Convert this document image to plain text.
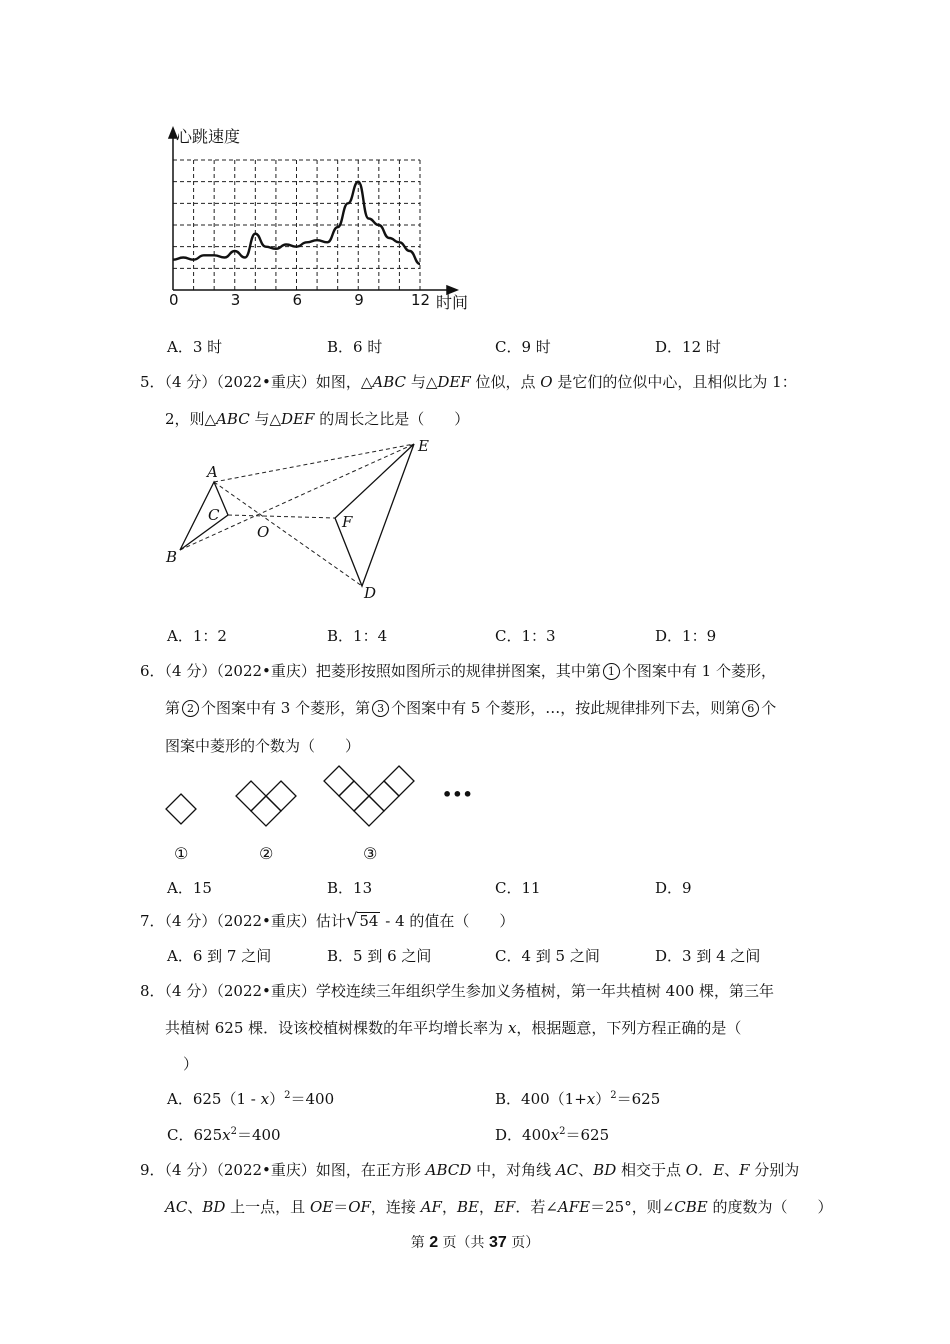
心跳速度
时间
0	3	6	9	12
A．3 时	B．6 时	C．9 时	D．12 时
5．（4 分）（2022•重庆）如图，△ABC 与△DEF 位似，点 O 是它们的位似中心，且相似比为 1：
2，则△ABC 与△DEF 的周长之比是（　　）
A
B
C
O
F
E
D
A．1：2	B．1：4	C．1：3	D．1：9
6．（4 分）（2022•重庆）把菱形按照如图所示的规律拼图案，其中第 1 个图案中有 1 个菱形，
第 2 个图案中有 3 个菱形，第 3 个图案中有 5 个菱形，…，按此规律排列下去，则第 6 个
图案中菱形的个数为（　　）
•••
①	②	③
A．15	B．13	C．11	D．9
7．（4 分）（2022•重庆）估计√ 54 - 4 的值在（　　）
A．6 到 7 之间	B．5 到 6 之间	C．4 到 5 之间	D．3 到 4 之间
8．（4 分）（2022•重庆）学校连续三年组织学生参加义务植树，第一年共植树 400 棵，第三年
共植树 625 棵．设该校植树棵数的年平均增长率为 x，根据题意，下列方程正确的是（
）
A．625（1 - x）$^2$＝400	B．$400(1+x)^2=625$
C．$625x^2=400$	D．$400x^2=625$
9．（4 分）（2022•重庆）如图，在正方形 ABCD 中，对角线 AC、BD 相交于点 O．E、F 分别为
AC、BD 上一点，且 OE＝OF，连接 AF，BE，EF．若∠AFE＝25°，则∠CBE 的度数为（　　）
第 2 页（共 37 页）
